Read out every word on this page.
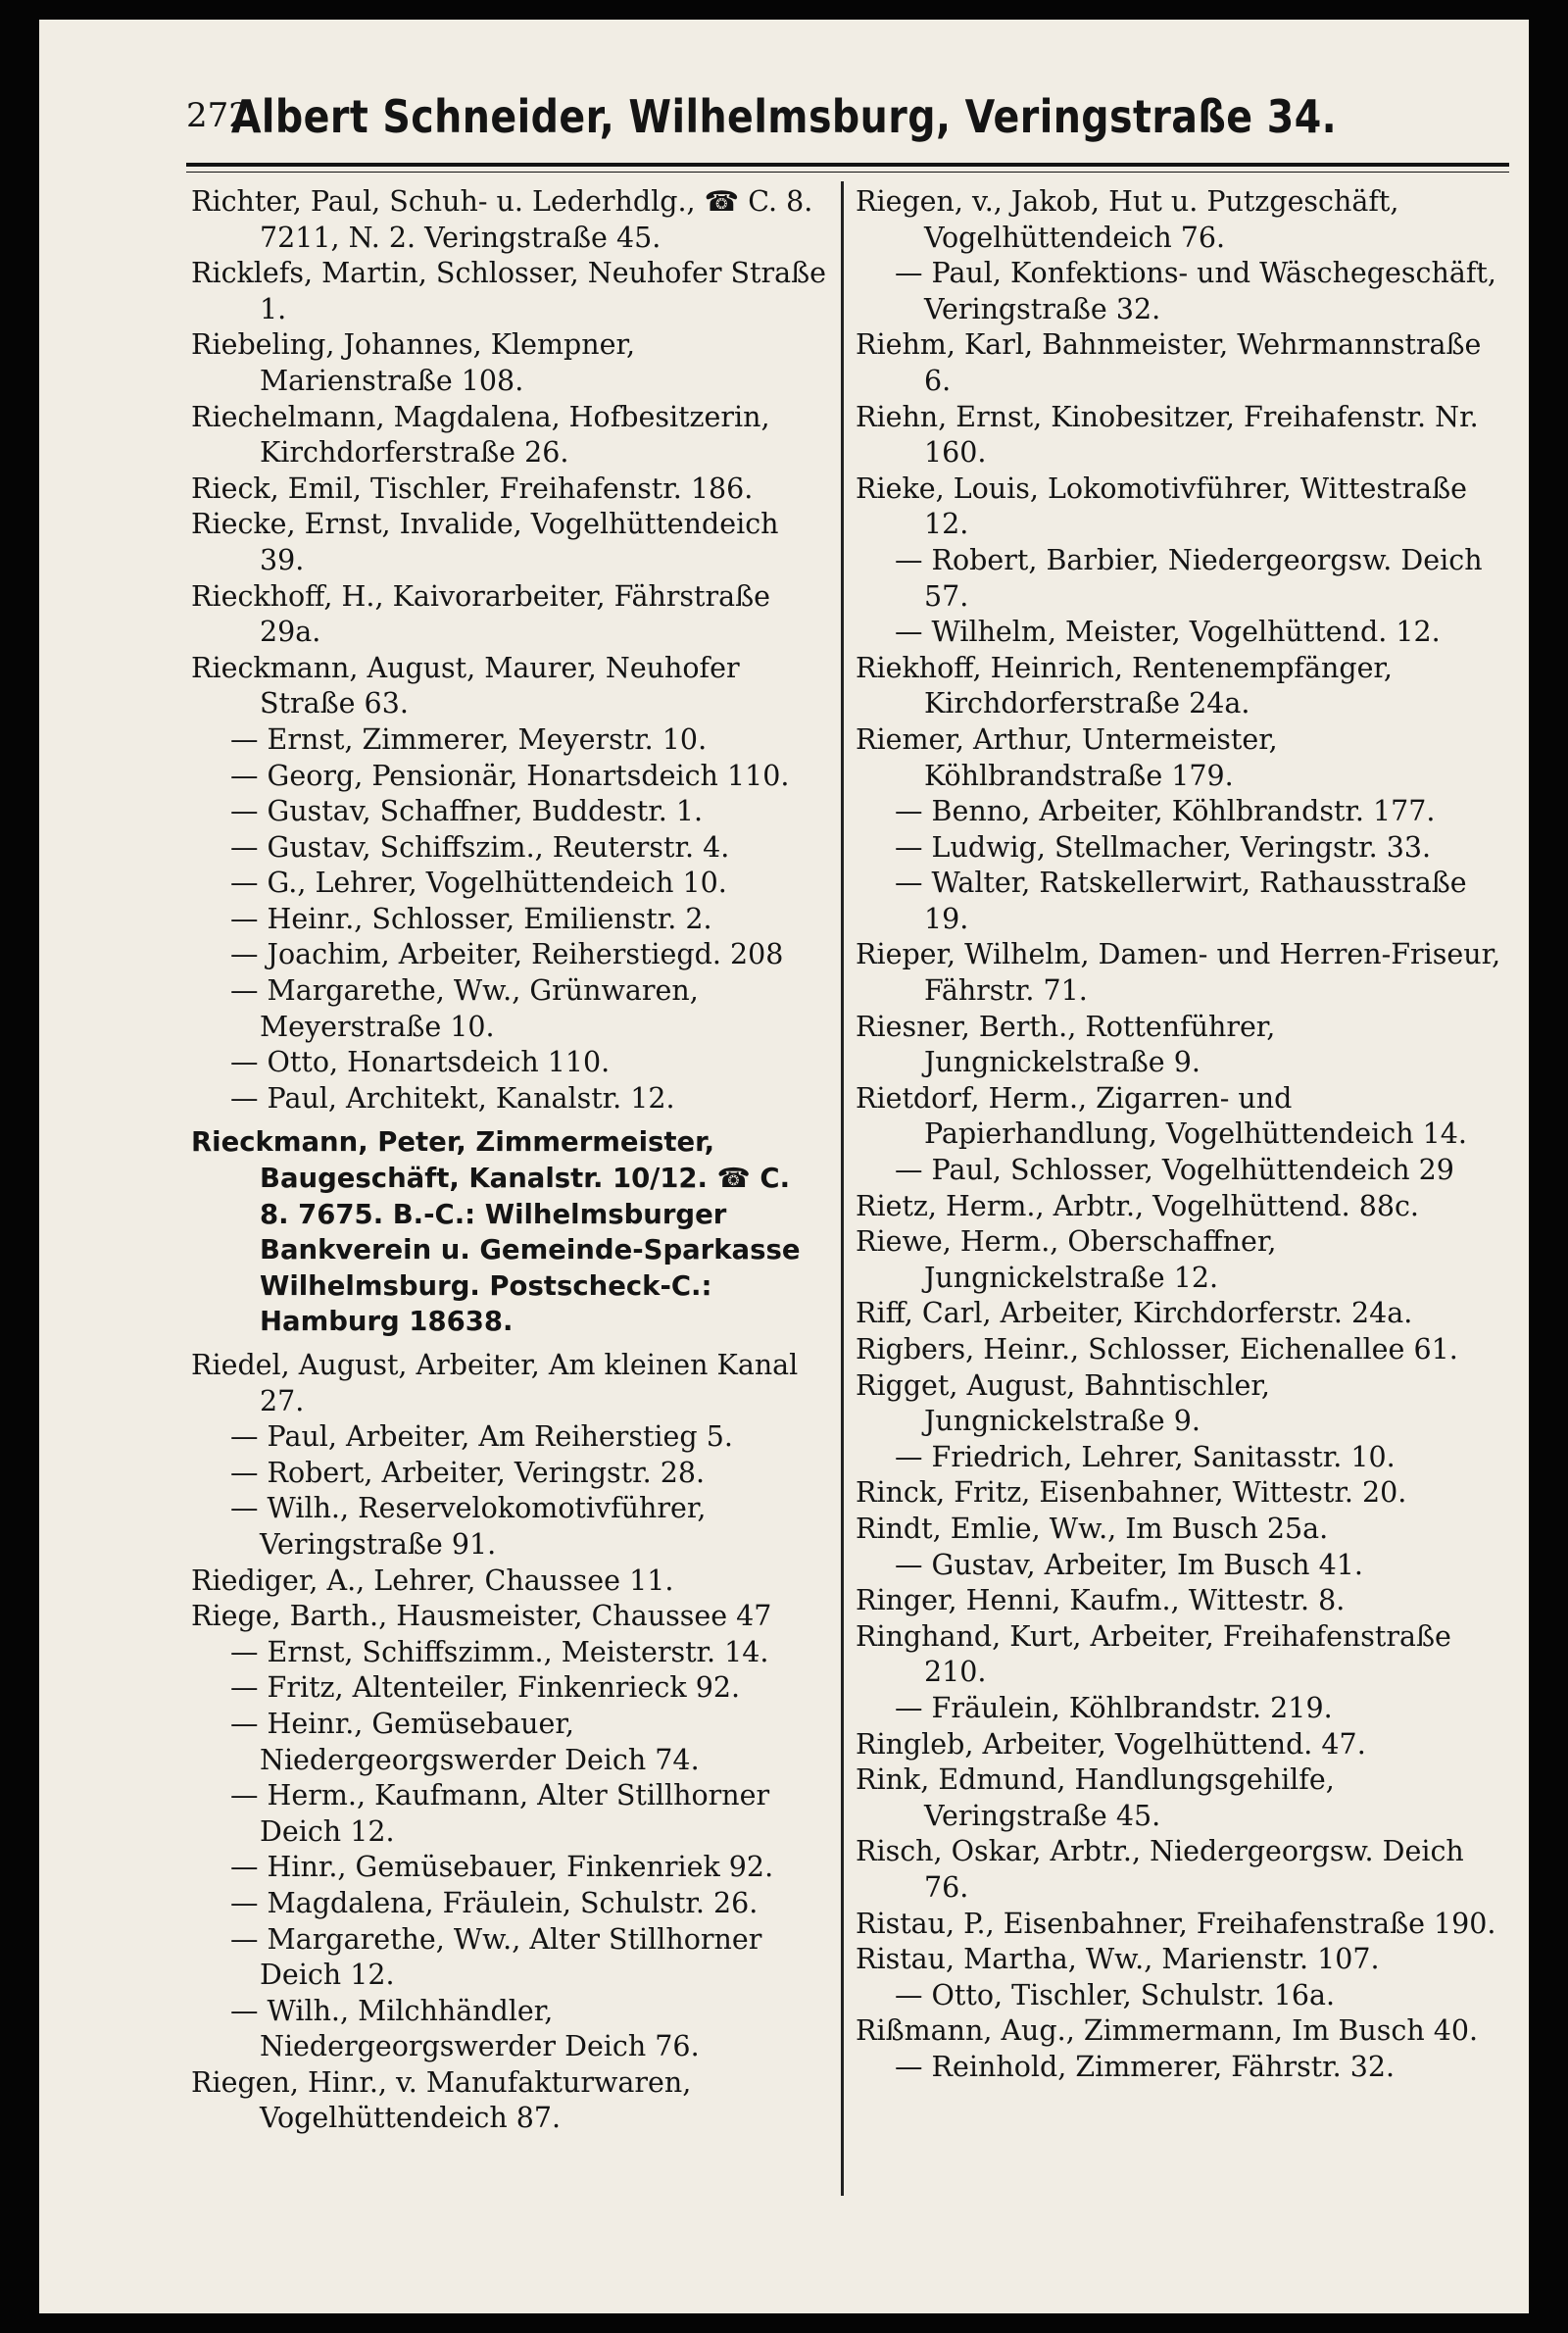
272
Albert Schneider, Wilhelmsburg, Veringstraße 34.

Richter, Paul, Schuh- u. Lederhdlg., ☎ C. 8. 7211, N. 2. Veringstraße 45.

Ricklefs, Martin, Schlosser, Neuhofer Straße 1.

Riebeling, Johannes, Klempner, Marienstraße 108.

Riechelmann, Magdalena, Hofbesitzerin, Kirchdorferstraße 26.

Rieck, Emil, Tischler, Freihafenstr. 186.

Riecke, Ernst, Invalide, Vogelhüttendeich 39.

Rieckhoff, H., Kaivorarbeiter, Fährstraße 29a.

Rieckmann, August, Maurer, Neuhofer Straße 63.

— Ernst, Zimmerer, Meyerstr. 10.

— Georg, Pensionär, Honartsdeich 110.

— Gustav, Schaffner, Buddestr. 1.

— Gustav, Schiffszim., Reuterstr. 4.

— G., Lehrer, Vogelhüttendeich 10.

— Heinr., Schlosser, Emilienstr. 2.

— Joachim, Arbeiter, Reiherstiegd. 208

— Margarethe, Ww., Grünwaren, Meyerstraße 10.

— Otto, Honartsdeich 110.

— Paul, Architekt, Kanalstr. 12.

Rieckmann, Peter, Zimmermeister, Baugeschäft, Kanalstr. 10/12. ☎ C. 8. 7675. B.-C.: Wilhelmsburger Bankverein u. Gemeinde-Sparkasse Wilhelmsburg. Postscheck-C.: Hamburg 18638.

Riedel, August, Arbeiter, Am kleinen Kanal 27.

— Paul, Arbeiter, Am Reiherstieg 5.

— Robert, Arbeiter, Veringstr. 28.

— Wilh., Reservelokomotivführer, Veringstraße 91.

Riediger, A., Lehrer, Chaussee 11.

Riege, Barth., Hausmeister, Chaussee 47

— Ernst, Schiffszimm., Meisterstr. 14.

— Fritz, Altenteiler, Finkenrieck 92.

— Heinr., Gemüsebauer, Niedergeorgswerder Deich 74.

— Herm., Kaufmann, Alter Stillhorner Deich 12.

— Hinr., Gemüsebauer, Finkenriek 92.

— Magdalena, Fräulein, Schulstr. 26.

— Margarethe, Ww., Alter Stillhorner Deich 12.

— Wilh., Milchhändler, Niedergeorgswerder Deich 76.

Riegen, Hinr., v. Manufakturwaren, Vogelhüttendeich 87.

Riegen, v., Jakob, Hut u. Putzgeschäft, Vogelhüttendeich 76.

— Paul, Konfektions- und Wäschegeschäft, Veringstraße 32.

Riehm, Karl, Bahnmeister, Wehrmannstraße 6.

Riehn, Ernst, Kinobesitzer, Freihafenstr. Nr. 160.

Rieke, Louis, Lokomotivführer, Wittestraße 12.

— Robert, Barbier, Niedergeorgsw. Deich 57.

— Wilhelm, Meister, Vogelhüttend. 12.

Riekhoff, Heinrich, Rentenempfänger, Kirchdorferstraße 24a.

Riemer, Arthur, Untermeister, Köhlbrandstraße 179.

— Benno, Arbeiter, Köhlbrandstr. 177.

— Ludwig, Stellmacher, Veringstr. 33.

— Walter, Ratskellerwirt, Rathausstraße 19.

Rieper, Wilhelm, Damen- und Herren-Friseur, Fährstr. 71.

Riesner, Berth., Rottenführer, Jungnickelstraße 9.

Rietdorf, Herm., Zigarren- und Papierhandlung, Vogelhüttendeich 14.

— Paul, Schlosser, Vogelhüttendeich 29

Rietz, Herm., Arbtr., Vogelhüttend. 88c.

Riewe, Herm., Oberschaffner, Jungnickelstraße 12.

Riff, Carl, Arbeiter, Kirchdorferstr. 24a.

Rigbers, Heinr., Schlosser, Eichenallee 61.

Rigget, August, Bahntischler, Jungnickelstraße 9.

— Friedrich, Lehrer, Sanitasstr. 10.

Rinck, Fritz, Eisenbahner, Wittestr. 20.

Rindt, Emlie, Ww., Im Busch 25a.

— Gustav, Arbeiter, Im Busch 41.

Ringer, Henni, Kaufm., Wittestr. 8.

Ringhand, Kurt, Arbeiter, Freihafenstraße 210.

— Fräulein, Köhlbrandstr. 219.

Ringleb, Arbeiter, Vogelhüttend. 47.

Rink, Edmund, Handlungsgehilfe, Veringstraße 45.

Risch, Oskar, Arbtr., Niedergeorgsw. Deich 76.

Ristau, P., Eisenbahner, Freihafenstraße 190.

Ristau, Martha, Ww., Marienstr. 107.

— Otto, Tischler, Schulstr. 16a.

Rißmann, Aug., Zimmermann, Im Busch 40.

— Reinhold, Zimmerer, Fährstr. 32.
